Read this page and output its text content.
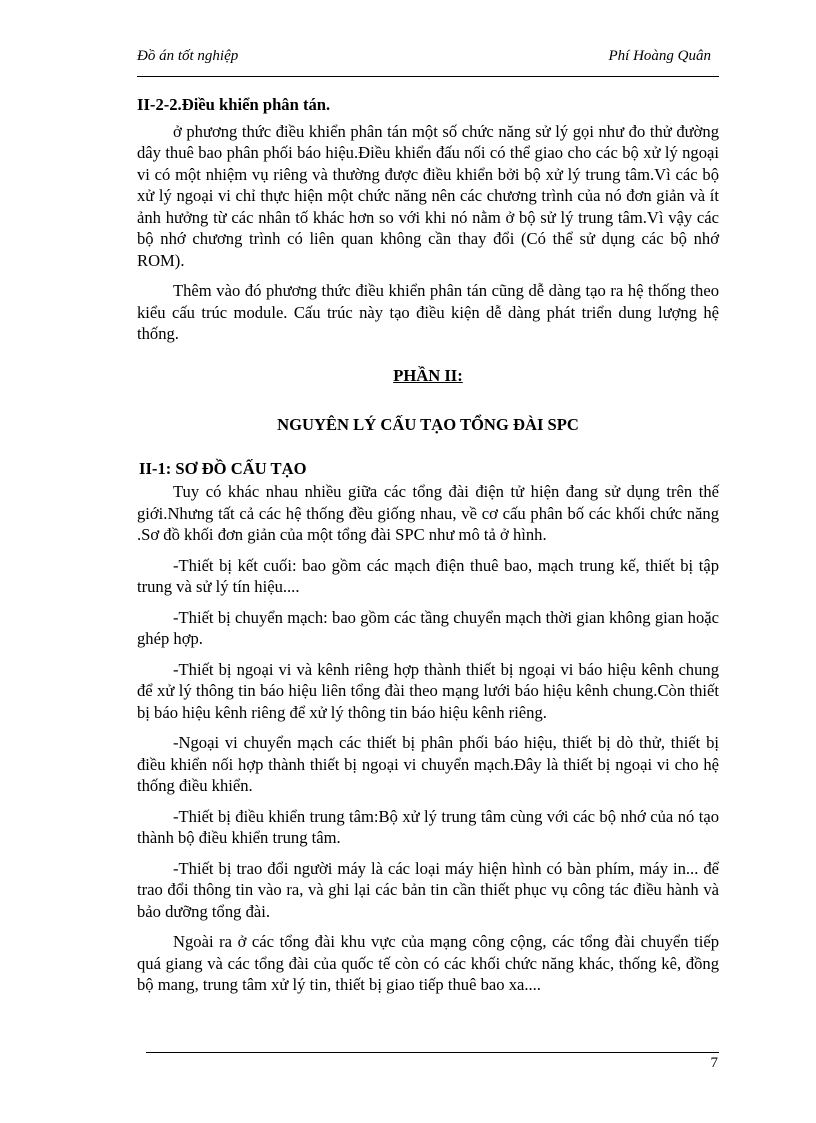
Đồ án tốt nghiệp	Phí Hoàng Quân
II-2-2.Điều khiển phân tán.

ở phương thức điều khiển phân tán một số chức năng sử lý gọi như đo thử đường dây thuê bao phân phối báo hiệu.Điều khiển đấu nối có thể giao cho các bộ xử lý ngoại vi có một nhiệm vụ riêng và thường được điều khiển bởi bộ xử lý trung tâm.Vì các bộ xử lý ngoại vi chỉ thực hiện một chức năng nên các chương trình của nó đơn giản và ít ảnh hưởng từ các nhân tố khác hơn so với khi nó nằm ở bộ sử lý trung tâm.Vì vậy các bộ nhớ chương trình có liên quan không cần thay đổi (Có thể sử dụng các bộ nhớ ROM).

Thêm vào đó phương thức điều khiển phân tán cũng dễ dàng tạo ra hệ thống theo kiểu cấu trúc module. Cấu trúc này tạo điều kiện dễ dàng phát triển dung lượng hệ thống.

PHẦN II:
NGUYÊN LÝ CẤU TẠO TỔNG ĐÀI SPC
II-1: SƠ ĐỒ CẤU TẠO

Tuy có khác nhau nhiều giữa các tổng đài điện tử hiện đang sử dụng trên thế giới.Nhưng tất cả các hệ thống đều giống nhau, về cơ cấu phân bố các khối chức năng .Sơ đồ khối đơn giản của một tổng đài SPC như mô tả ở hình.

-Thiết bị kết cuối: bao gồm các mạch điện thuê bao, mạch trung kế, thiết bị tập trung và sử lý tín hiệu....

-Thiết bị chuyển mạch: bao gồm các tầng chuyển mạch thời gian không gian hoặc ghép hợp.

-Thiết bị ngoại vi và kênh riêng hợp thành thiết bị ngoại vi báo hiệu kênh chung để xử lý thông tin báo hiệu liên tổng đài theo mạng lưới báo hiệu kênh chung.Còn thiết bị báo hiệu kênh riêng để xử lý thông tin báo hiệu kênh riêng.

-Ngoại vi chuyển mạch các thiết bị phân phối báo hiệu, thiết bị dò thử, thiết bị điều khiển nối hợp thành thiết bị ngoại vi chuyển mạch.Đây là thiết bị ngoại vi cho hệ thống điều khiển.

-Thiết bị điều khiển trung tâm:Bộ xử lý trung tâm cùng với các bộ nhớ của nó tạo thành bộ điều khiển trung tâm.

-Thiết bị trao đổi người máy là các loại máy hiện hình có bàn phím, máy in... để trao đổi thông tin vào ra, và ghi lại các bản tin cần thiết phục vụ công tác điều hành và bảo dưỡng tổng đài.

Ngoài ra ở các tổng đài khu vực của mạng công cộng, các tổng đài chuyển tiếp quá giang và các tổng đài của quốc tế còn có các khối chức năng khác, thống kê, đồng bộ mang, trung tâm xử lý tin, thiết bị giao tiếp thuê bao xa....

7
